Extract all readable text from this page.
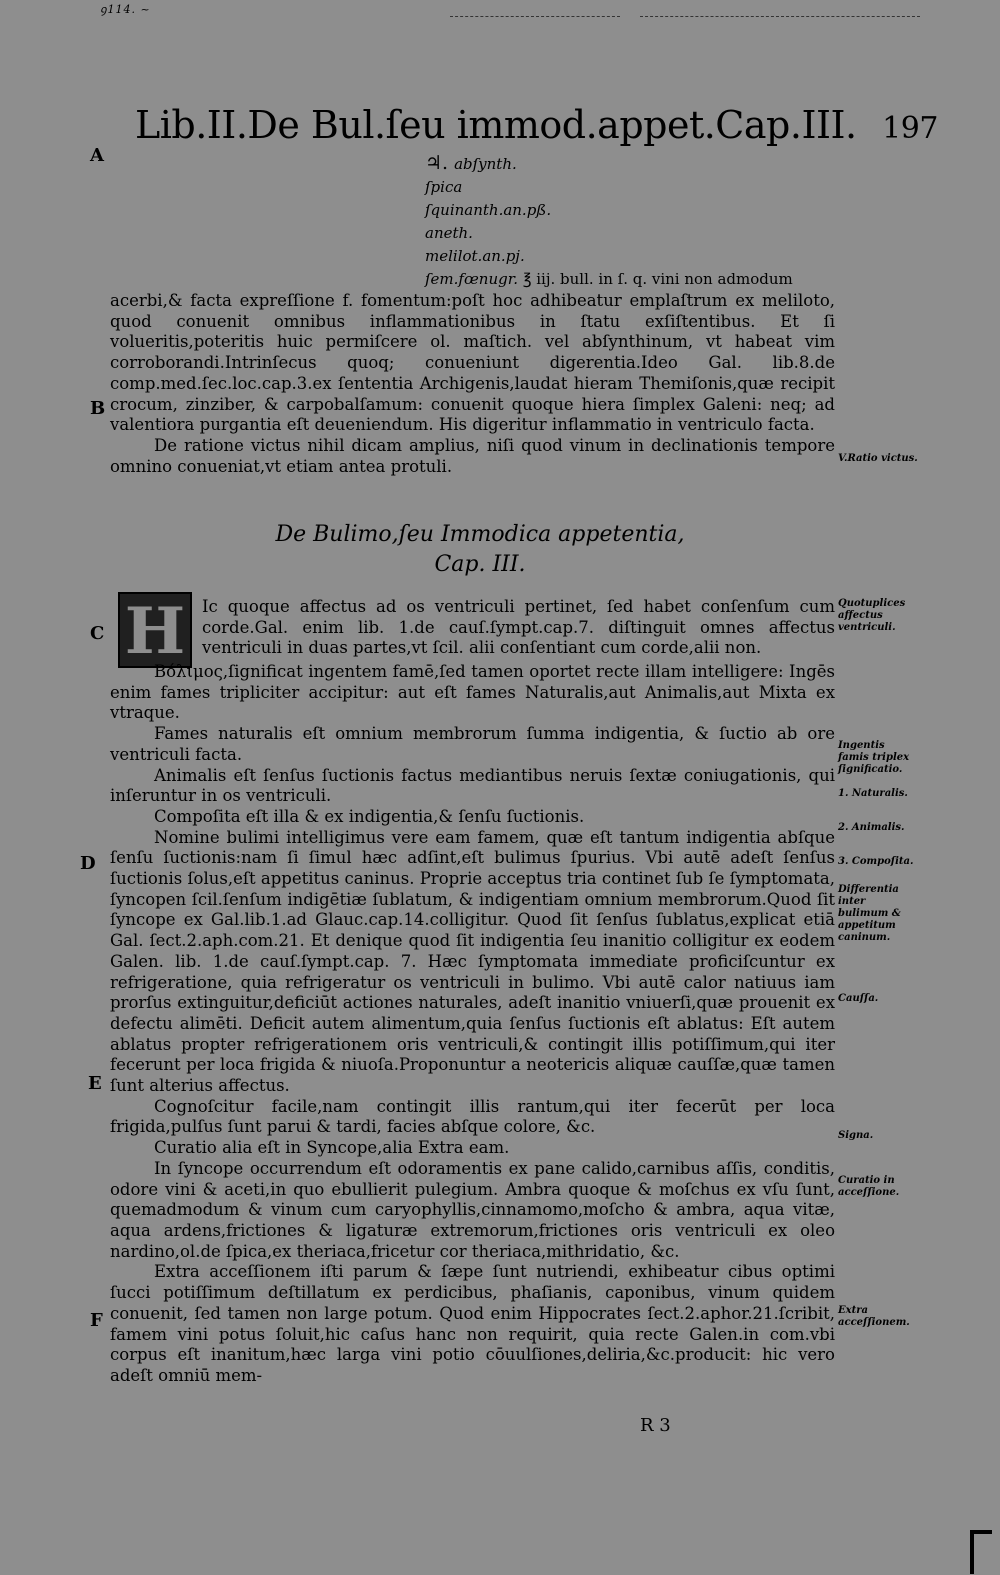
ꝯ114. ~
Lib.II.De Bul.ſeu immod.appet.Cap.III. 197
A
B
C
D
E
F
♃. abſynth.
ſpica
ſquinanth.an.pß.
aneth.
melilot.an.pj.
ſem.fœnugr. ℥ iij. bull. in ſ. q. vini non admodum

acerbi,& facta expreſſione f. fomentum:poſt hoc adhibeatur emplaſtrum ex meliloto, quod conuenit omnibus inflammationibus in ſtatu exſiſtentibus. Et ſi volueritis,poteritis huic permiſcere ol. maſtich. vel abſynthinum, vt habeat vim corroborandi.Intrinſecus quoq; conueniunt digerentia.Ideo Gal. lib.8.de comp.med.ſec.loc.cap.3.ex ſententia Archigenis,laudat hieram Themiſonis,quæ recipit crocum, zinziber, & carpobalſamum: conuenit quoque hiera ſimplex Galeni: neq; ad valentiora purgantia eſt deueniendum. His digeritur inflammatio in ventriculo facta.

De ratione victus nihil dicam amplius, niſi quod vinum in declinationis tempore omnino conueniat,vt etiam antea protuli.

De Bulimo,ſeu Immodica appetentia,
Cap. III.
H	Ic quoque affectus ad os ventriculi pertinet, ſed habet conſenſum cum corde.Gal. enim lib. 1.de cauſ.ſympt.cap.7. diſtinguit omnes affectus ventriculi in duas partes,vt ſcil. alii conſentiant cum corde,alii non.

Βόλιμος,ſignificat ingentem famē,ſed tamen oportet recte illam intelligere: Ingēs enim fames tripliciter accipitur: aut eſt fames Naturalis,aut Animalis,aut Mixta ex vtraque.

Fames naturalis eſt omnium membrorum ſumma indigentia, & ſuctio ab ore ventriculi facta.

Animalis eſt ſenſus ſuctionis factus mediantibus neruis ſextæ coniugationis, qui inſeruntur in os ventriculi.

Compoſita eſt illa & ex indigentia,& ſenſu ſuctionis.

Nomine bulimi intelligimus vere eam famem, quæ eſt tantum indigentia abſque ſenſu ſuctionis:nam ſi ſimul hæc adſint,eſt bulimus ſpurius. Vbi autē adeſt ſenſus ſuctionis ſolus,eſt appetitus caninus. Proprie acceptus tria continet ſub ſe ſymptomata, ſyncopen ſcil.ſenſum indigētiæ ſublatum, & indigentiam omnium membrorum.Quod ſit ſyncope ex Gal.lib.1.ad Glauc.cap.14.colligitur. Quod ſit ſenſus ſublatus,explicat etiā Gal. ſect.2.aph.com.21. Et denique quod ſit indigentia ſeu inanitio colligitur ex eodem Galen. lib. 1.de cauſ.ſympt.cap. 7. Hæc ſymptomata immediate proficiſcuntur ex refrigeratione, quia refrigeratur os ventriculi in bulimo. Vbi autē calor natiuus iam prorſus extinguitur,deficiūt actiones naturales, adeſt inanitio vniuerſi,quæ prouenit ex defectu alimēti. Deficit autem alimentum,quia ſenſus ſuctionis eſt ablatus: Eſt autem ablatus propter refrigerationem oris ventriculi,& contingit illis potiſſimum,qui iter fecerunt per loca frigida & niuoſa.Proponuntur a neotericis aliquæ cauſſæ,quæ tamen ſunt alterius affectus.

Cognoſcitur facile,nam contingit illis rantum,qui iter fecerūt per loca frigida,pulſus ſunt parui & tardi, facies abſque colore, &c.

Curatio alia eſt in Syncope,alia Extra eam.

In ſyncope occurrendum eſt odoramentis ex pane calido,carnibus aſſis, conditis, odore vini & aceti,in quo ebullierit pulegium. Ambra quoque & moſchus ex vſu ſunt, quemadmodum & vinum cum caryophyllis,cinnamomo,moſcho & ambra, aqua vitæ, aqua ardens,frictiones & ligaturæ extremorum,frictiones oris ventriculi ex oleo nardino,ol.de ſpica,ex theriaca,fricetur cor theriaca,mithridatio, &c.

Extra acceſſionem iſti parum & ſæpe ſunt nutriendi, exhibeatur cibus optimi ſucci potiſſimum deſtillatum ex perdicibus, phaſianis, caponibus, vinum quidem conuenit, ſed tamen non large potum. Quod enim Hippocrates ſect.2.aphor.21.ſcribit, famem vini potus ſoluit,hic caſus hanc non requirit, quia recte Galen.in com.vbi corpus eſt inanitum,hæc larga vini potio cōuulſiones,deliria,&c.producit: hic vero adeſt omniū mem-

V.Ratio victus.
Quotuplices affectus ventriculi.
Ingentis famis triplex ſignificatio.
1. Naturalis.
2. Animalis.
3. Compoſita.
Differentia inter bulimum & appetitum caninum.
Cauſſa.
Signa.
Curatio in acceſſione.
Extra acceſſionem.
R 3
